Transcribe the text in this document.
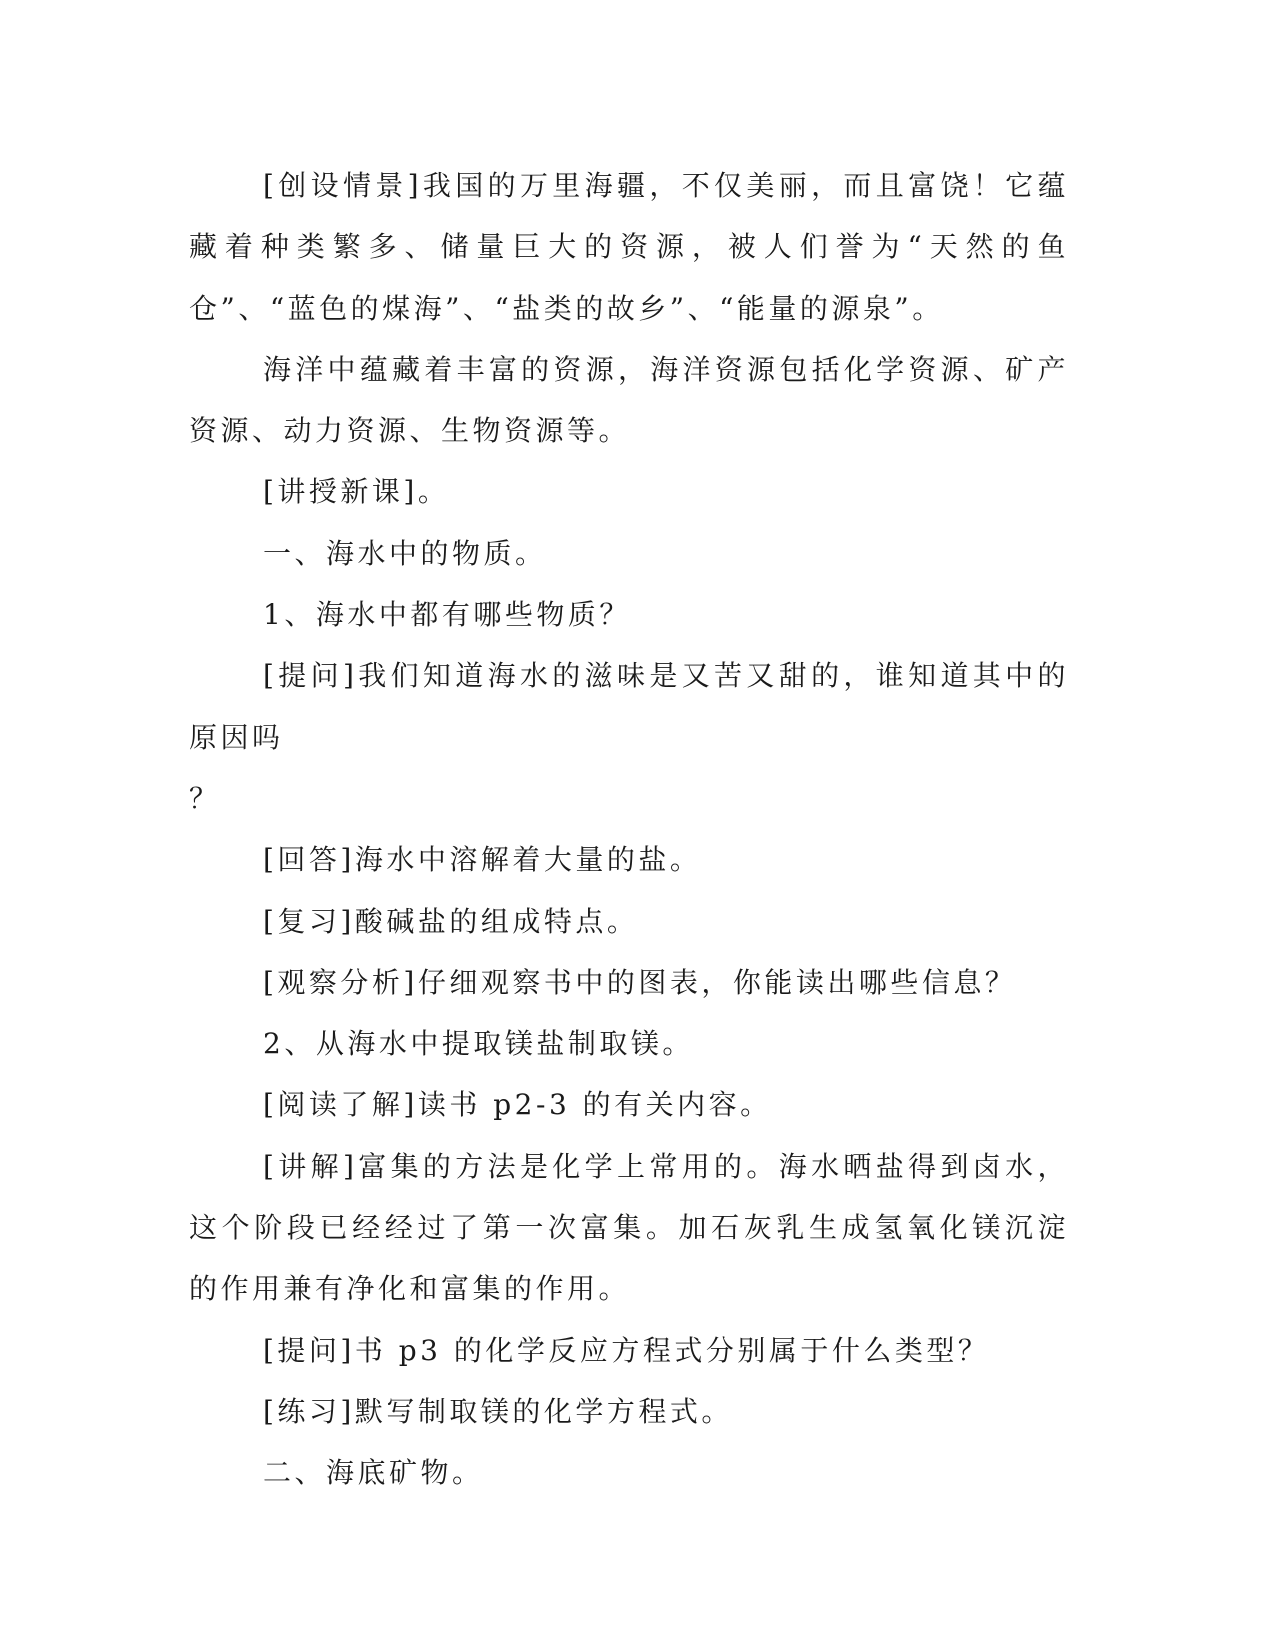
[创设情景]我国的万里海疆，不仅美丽，而且富饶！它蕴藏着种类繁多、储量巨大的资源，被人们誉为“天然的鱼仓”、“蓝色的煤海”、“盐类的故乡”、“能量的源泉”。

海洋中蕴藏着丰富的资源，海洋资源包括化学资源、矿产资源、动力资源、生物资源等。

[讲授新课]。

一、海水中的物质。

1、海水中都有哪些物质？

[提问]我们知道海水的滋味是又苦又甜的，谁知道其中的原因吗

？

[回答]海水中溶解着大量的盐。

[复习]酸碱盐的组成特点。

[观察分析]仔细观察书中的图表，你能读出哪些信息？

2、从海水中提取镁盐制取镁。

[阅读了解]读书 p2-3 的有关内容。

[讲解]富集的方法是化学上常用的。海水晒盐得到卤水，这个阶段已经经过了第一次富集。加石灰乳生成氢氧化镁沉淀的作用兼有净化和富集的作用。

[提问]书 p3 的化学反应方程式分别属于什么类型？

[练习]默写制取镁的化学方程式。

二、海底矿物。
